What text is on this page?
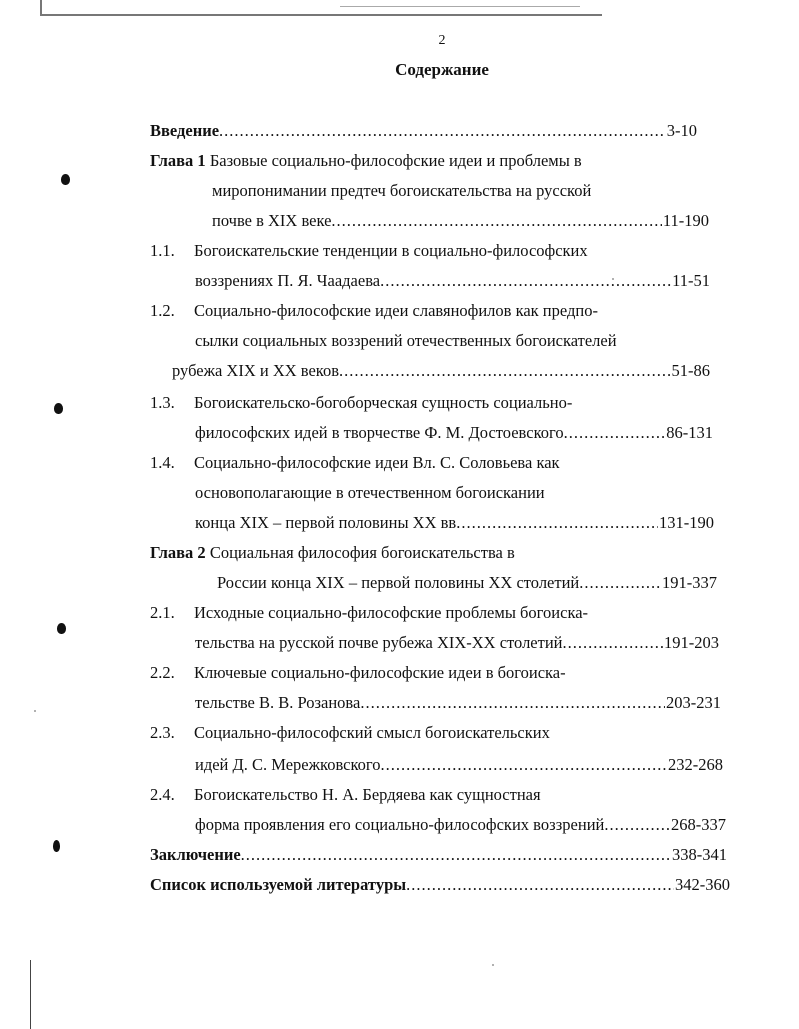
2
Содержание
Введение .....	3-10
Глава 1
Базовые социально-философские идеи и проблемы в
миропонимании предтеч богоискательства на русской
почве в XIX веке .....	11-190
1.1.	Богоискательские тенденции в социально-философских
воззрениях П. Я. Чаадаева .....	11-51
1.2.	Социально-философские идеи славянофилов как предпо-
сылки социальных воззрений отечественных богоискателей
рубежа XIX и XX веков .....	51-86
1.3.	Богоискательско-богоборческая сущность социально-
философских идей в творчестве Ф. М. Достоевского .....	86-131
1.4.	Социально-философские идеи Вл. С. Соловьева как
основополагающие в отечественном богоискании
конца XIX – первой половины XX вв .....	131-190
Глава 2
Социальная философия богоискательства в
России конца XIX – первой половины XX столетий .....	191-337
2.1.	Исходные социально-философские проблемы богоиска-
тельства на русской почве рубежа XIX-XX столетий .....	191-203
2.2.	Ключевые социально-философские идеи в богоиска-
тельстве В. В. Розанова .....	203-231
2.3.	Социально-философский смысл богоискательских
идей Д. С. Мережковского .....	232-268
2.4.	Богоискательство Н. А. Бердяева как сущностная
форма проявления его социально-философских воззрений .....	268-337
Заключение .....	338-341
Список используемой литературы .....	342-360
